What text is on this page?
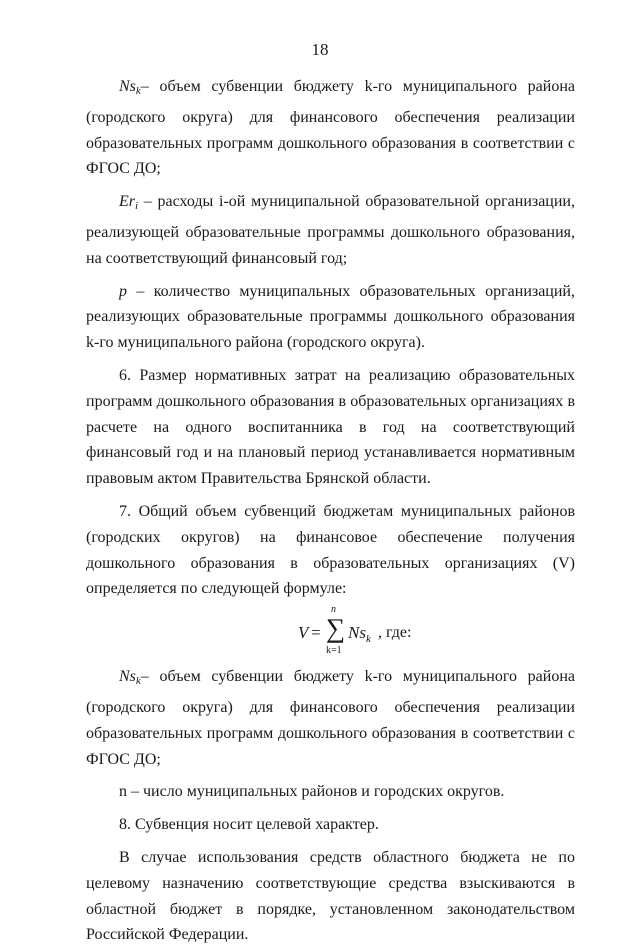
18

$Ns_k-$ объем субвенции бюджету k-го муниципального района (городского округа) для финансового обеспечения реализации образовательных программ дошкольного образования в соответствии с ФГОС ДО;

$Er_i$ – расходы i-ой муниципальной образовательной организации, реализующей образовательные программы дошкольного образования, на соответствующий финансовый год;

p – количество муниципальных образовательных организаций, реализующих образовательные программы дошкольного образования k-го муниципального района (городского округа).

6. Размер нормативных затрат на реализацию образовательных программ дошкольного образования в образовательных организациях в расчете на одного воспитанника в год на соответствующий финансовый год и на плановый период устанавливается нормативным правовым актом Правительства Брянской области.

7. Общий объем субвенций бюджетам муниципальных районов (городских округов) на финансовое обеспечение получения дошкольного образования в образовательных организациях (V) определяется по следующей формуле:

V =
n
∑
k=1
$Ns_k$ , где:

$Ns_k-$ объем субвенции бюджету k-го муниципального района (городского округа) для финансового обеспечения реализации образовательных программ дошкольного образования в соответствии с ФГОС ДО;

n – число муниципальных районов и городских округов.

8. Субвенция носит целевой характер.

В случае использования средств областного бюджета не по целевому назначению соответствующие средства взыскиваются в областной бюджет в порядке, установленном законодательством Российской Федерации.
